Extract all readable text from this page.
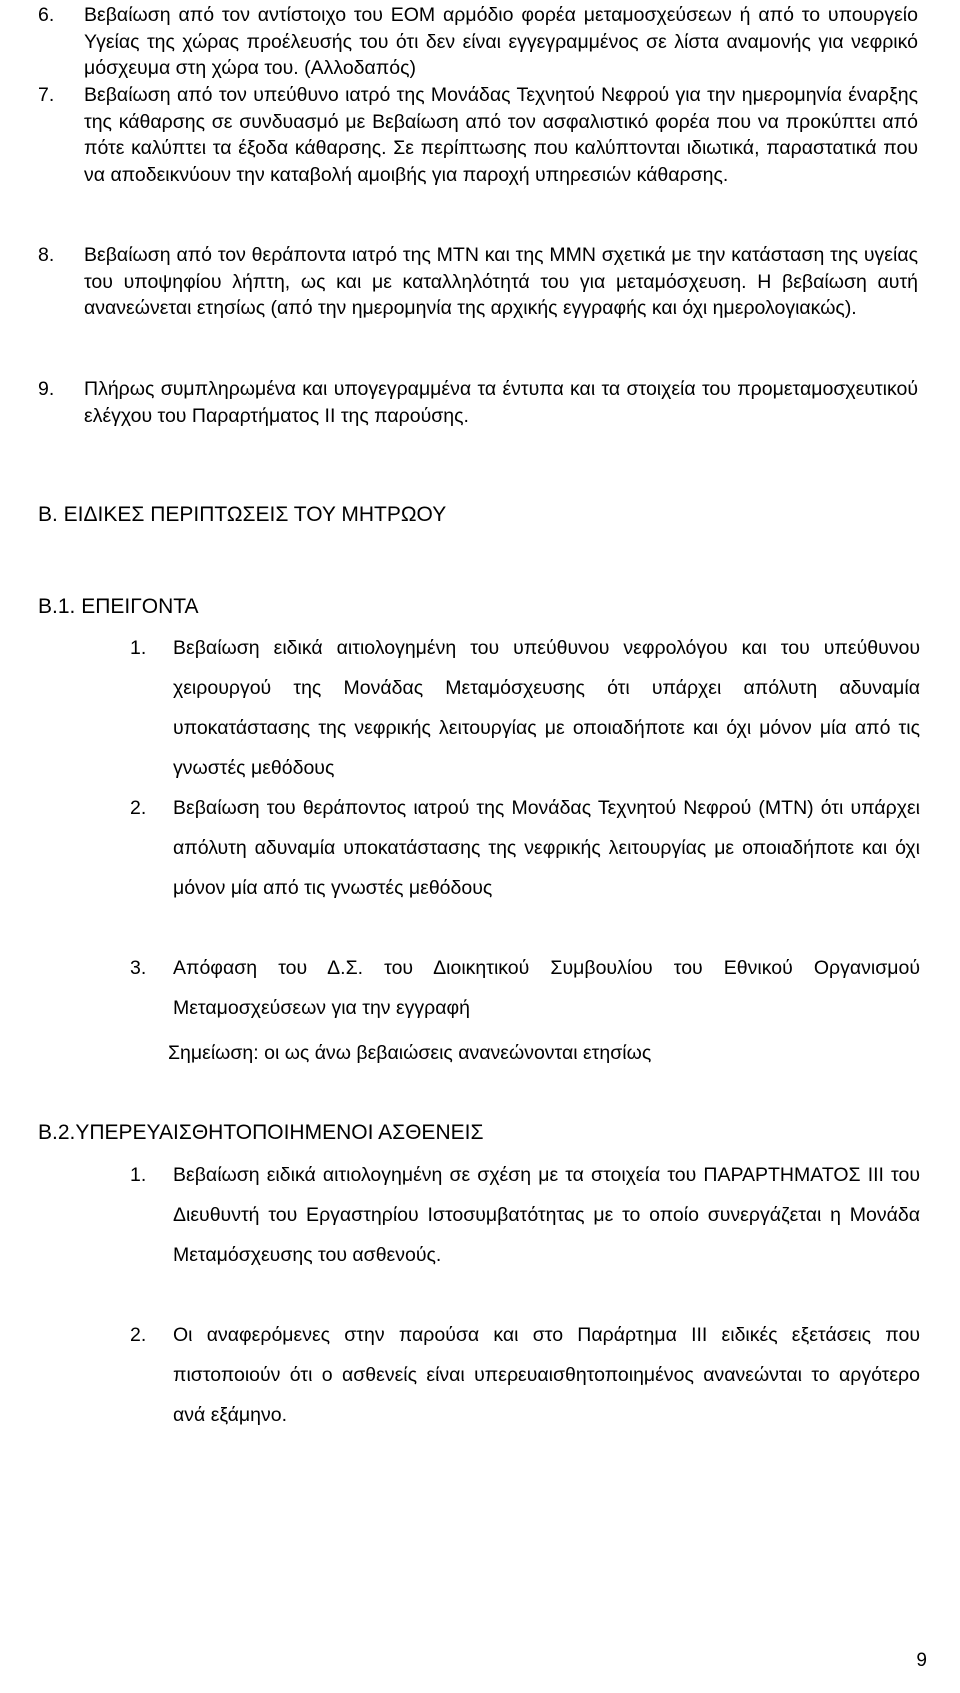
6. Βεβαίωση από τον αντίστοιχο του ΕΟΜ αρμόδιο φορέα μεταμοσχεύσεων ή από το υπουργείο Υγείας της χώρας προέλευσής του ότι δεν είναι εγγεγραμμένος σε λίστα αναμονής για νεφρικό μόσχευμα στη χώρα του. (Αλλοδαπός)
7. Βεβαίωση από τον υπεύθυνο ιατρό της Μονάδας Τεχνητού Νεφρού για την ημερομηνία έναρξης της κάθαρσης σε συνδυασμό με Βεβαίωση από τον ασφαλιστικό φορέα που να προκύπτει από πότε καλύπτει τα έξοδα κάθαρσης. Σε περίπτωσης που καλύπτονται ιδιωτικά, παραστατικά που να αποδεικνύουν την καταβολή αμοιβής για παροχή υπηρεσιών κάθαρσης.
8. Βεβαίωση από τον θεράποντα ιατρό της ΜΤΝ και της ΜΜΝ σχετικά με την κατάσταση της υγείας του υποψηφίου λήπτη, ως και με καταλληλότητά του για μεταμόσχευση. Η βεβαίωση αυτή ανανεώνεται ετησίως (από την ημερομηνία της αρχικής εγγραφής και όχι ημερολογιακώς).
9. Πλήρως συμπληρωμένα και υπογεγραμμένα τα έντυπα και τα στοιχεία του προμεταμοσχευτικού ελέγχου του Παραρτήματος ΙΙ της παρούσης.
Β. ΕΙΔΙΚΕΣ ΠΕΡΙΠΤΩΣΕΙΣ ΤΟΥ ΜΗΤΡΩΟΥ
Β.1. ΕΠΕΙΓΟΝΤΑ
1. Βεβαίωση ειδικά αιτιολογημένη του υπεύθυνου νεφρολόγου και του υπεύθυνου χειρουργού της Μονάδας Μεταμόσχευσης ότι υπάρχει απόλυτη αδυναμία υποκατάστασης της νεφρικής λειτουργίας με οποιαδήποτε και όχι μόνον μία από τις γνωστές μεθόδους
2. Βεβαίωση του θεράποντος ιατρού της Μονάδας Τεχνητού Νεφρού (ΜΤΝ) ότι υπάρχει απόλυτη αδυναμία υποκατάστασης της νεφρικής λειτουργίας με οποιαδήποτε και όχι μόνον μία από τις γνωστές μεθόδους
3. Απόφαση του Δ.Σ. του Διοικητικού Συμβουλίου του Εθνικού Οργανισμού Μεταμοσχεύσεων για την εγγραφή
Σημείωση: οι ως άνω βεβαιώσεις ανανεώνονται ετησίως
Β.2.ΥΠΕΡΕΥΑΙΣΘΗΤΟΠΟΙΗΜΕΝΟΙ ΑΣΘΕΝΕΙΣ
1. Βεβαίωση ειδικά αιτιολογημένη σε σχέση με τα στοιχεία του ΠΑΡΑΡΤΗΜΑΤΟΣ ΙΙΙ του Διευθυντή του Εργαστηρίου Ιστοσυμβατότητας με το οποίο συνεργάζεται η Μονάδα Μεταμόσχευσης του ασθενούς.
2. Οι αναφερόμενες στην παρούσα και στο Παράρτημα ΙΙΙ ειδικές εξετάσεις που πιστοποιούν ότι ο ασθενείς είναι υπερευαισθητοποιημένος ανανεώνται το αργότερο ανά εξάμηνο.
9
